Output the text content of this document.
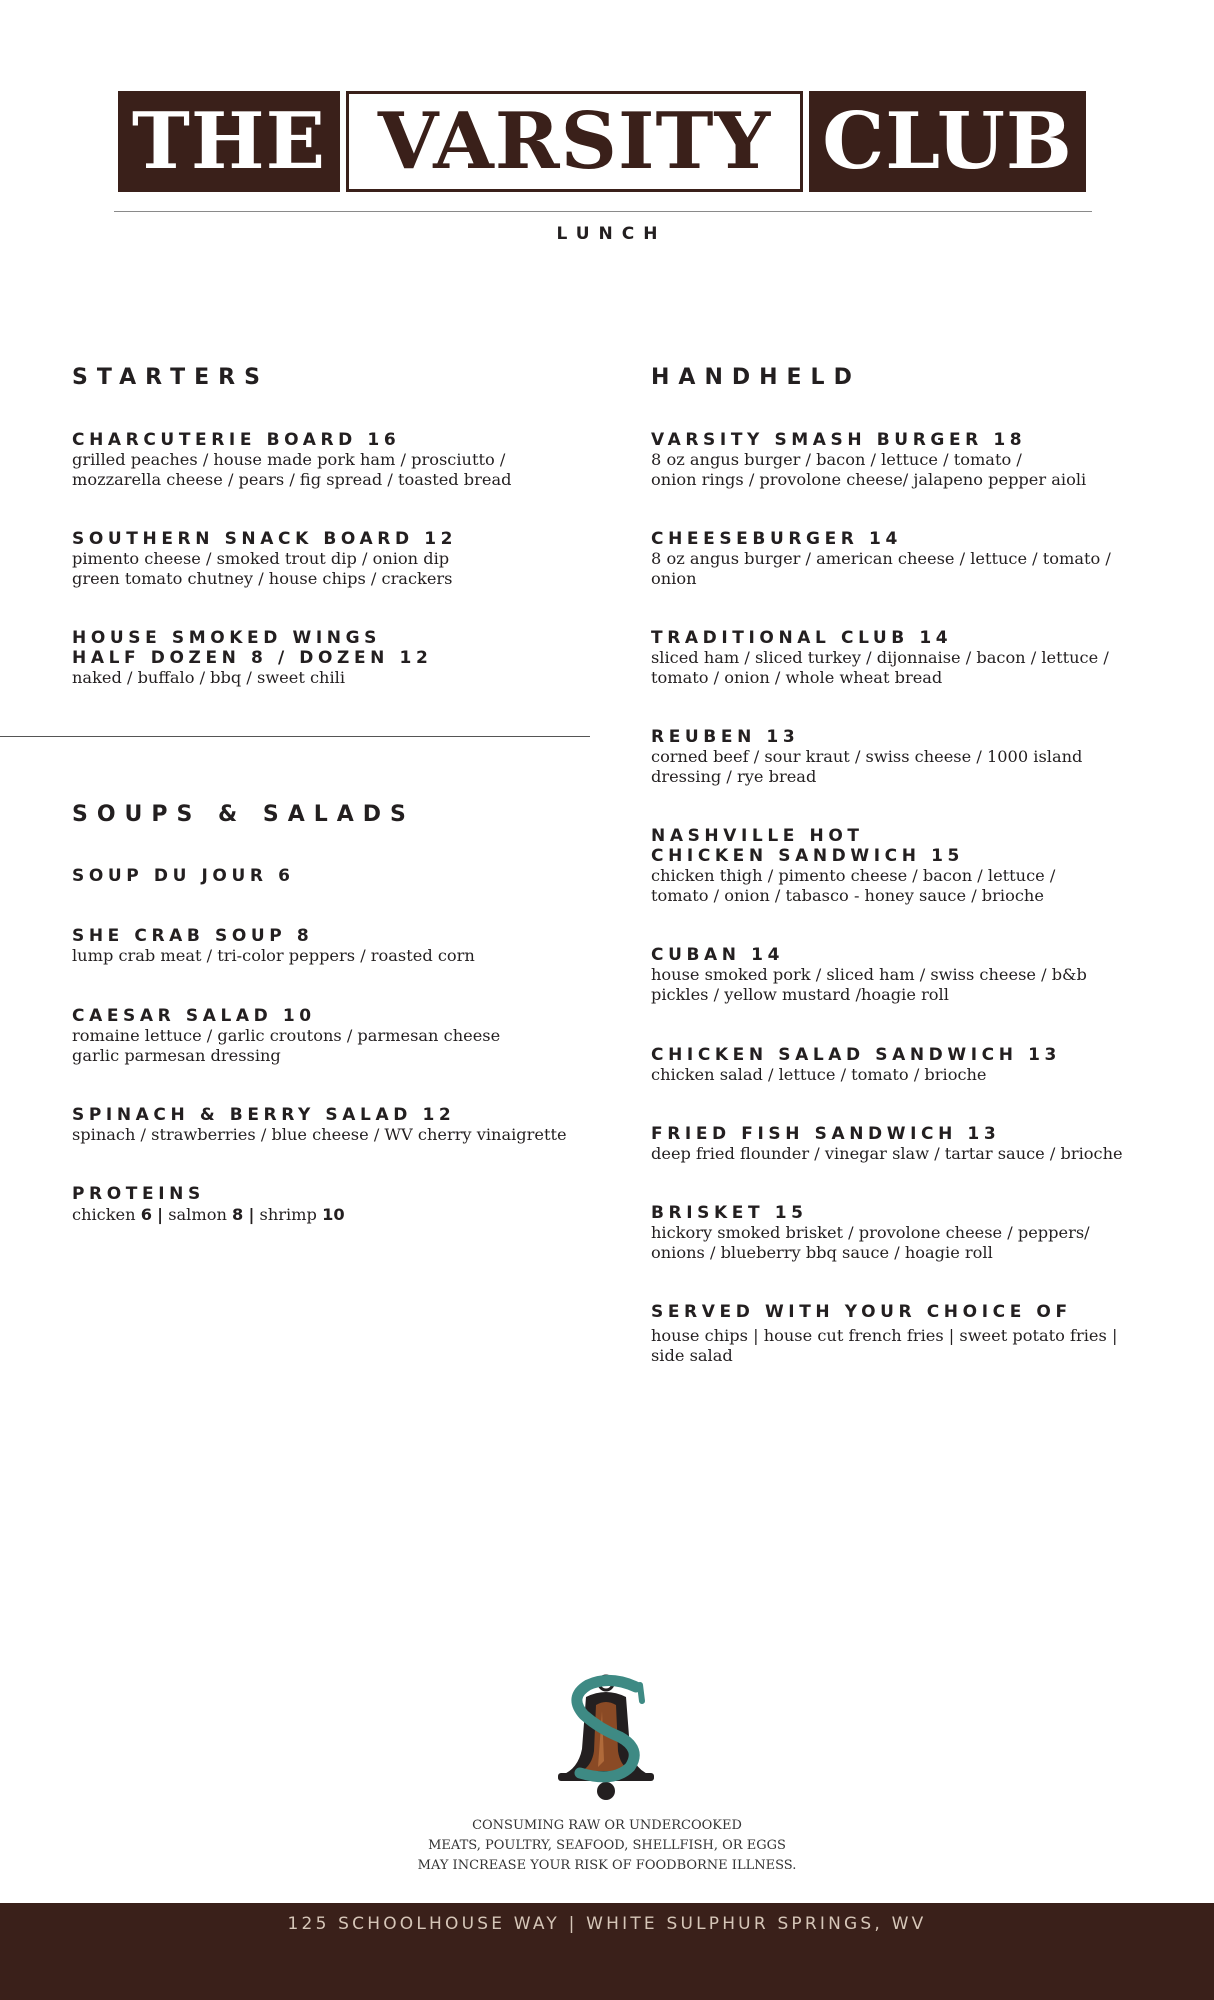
THE VARSITY CLUB
LUNCH
STARTERS
CHARCUTERIE BOARD 16
grilled peaches / house made pork ham / prosciutto /
mozzarella cheese / pears / fig spread / toasted bread
SOUTHERN SNACK BOARD 12
pimento cheese / smoked trout dip / onion dip
green tomato chutney / house chips / crackers
HOUSE SMOKED WINGS
HALF DOZEN 8 / DOZEN 12
naked / buffalo / bbq / sweet chili
SOUPS & SALADS
SOUP DU JOUR 6
SHE CRAB SOUP 8
lump crab meat / tri-color peppers / roasted corn
CAESAR SALAD 10
romaine lettuce / garlic croutons / parmesan cheese
garlic parmesan dressing
SPINACH & BERRY SALAD 12
spinach / strawberries / blue cheese / WV cherry vinaigrette
PROTEINS
chicken 6 | salmon 8 | shrimp 10
HANDHELD
VARSITY SMASH BURGER 18
8 oz angus burger / bacon / lettuce / tomato /
onion rings / provolone cheese/ jalapeno pepper aioli
CHEESEBURGER 14
8 oz angus burger / american cheese / lettuce / tomato /
onion
TRADITIONAL CLUB 14
sliced ham / sliced turkey / dijonnaise / bacon / lettuce /
tomato / onion / whole wheat bread
REUBEN 13
corned beef / sour kraut / swiss cheese / 1000 island
dressing / rye bread
NASHVILLE HOT
CHICKEN SANDWICH 15
chicken thigh / pimento cheese / bacon / lettuce /
tomato / onion / tabasco - honey sauce / brioche
CUBAN 14
house smoked pork / sliced ham / swiss cheese / b&b
pickles / yellow mustard /hoagie roll
CHICKEN SALAD SANDWICH 13
chicken salad / lettuce / tomato / brioche
FRIED FISH SANDWICH 13
deep fried flounder / vinegar slaw / tartar sauce / brioche
BRISKET 15
hickory smoked brisket / provolone cheese / peppers/
onions / blueberry bbq sauce / hoagie roll
SERVED WITH YOUR CHOICE OF
house chips | house cut french fries | sweet potato fries |
side salad
CONSUMING RAW OR UNDERCOOKED
MEATS, POULTRY, SEAFOOD, SHELLFISH, OR EGGS
MAY INCREASE YOUR RISK OF FOODBORNE ILLNESS.
125 SCHOOLHOUSE WAY | WHITE SULPHUR SPRINGS, WV
